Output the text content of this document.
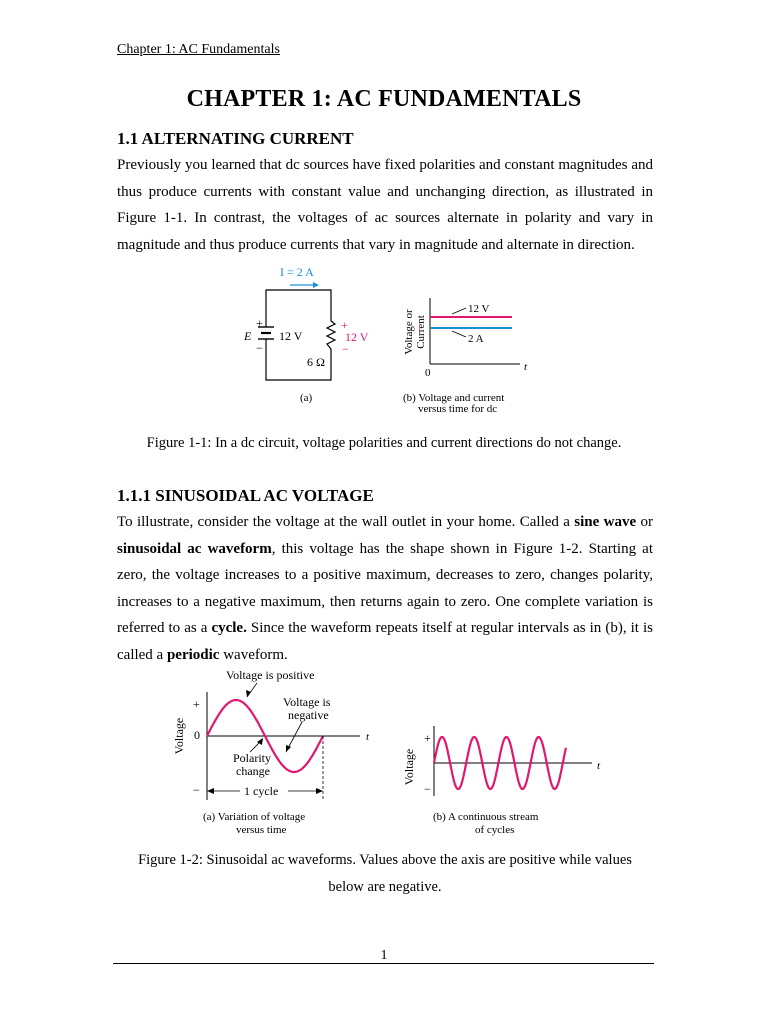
Chapter 1: AC Fundamentals
CHAPTER 1: AC FUNDAMENTALS
1.1 ALTERNATING CURRENT

Previously you learned that dc sources have fixed polarities and constant magnitudes and thus produce currents with constant value and unchanging direction, as illustrated in Figure 1-1. In contrast, the voltages of ac sources alternate in polarity and vary in magnitude and thus produce currents that vary in magnitude and alternate in direction.

I = 2 A
+
−
E 12 V
+
12 V
−
6 Ω
(a)
Voltage or Current
12 V
2 A
0	t
(b) Voltage and current
versus time for dc
Figure 1-1: In a dc circuit, voltage polarities and current directions do not change.
1.1.1 SINUSOIDAL AC VOLTAGE

To illustrate, consider the voltage at the wall outlet in your home. Called a sine wave or sinusoidal ac waveform, this voltage has the shape shown in Figure 1-2. Starting at zero, the voltage increases to a positive maximum, decreases to zero, changes polarity, increases to a negative maximum, then returns again to zero. One complete variation is referred to as a cycle. Since the waveform repeats itself at regular intervals as in (b), it is called a periodic waveform.

Voltage is positive
Voltage is
negative
Polarity
change
Voltage
+
0
−
t
1 cycle
(a) Variation of voltage
versus time
Voltage
+
−
t
(b) A continuous stream
of cycles
Figure 1-2: Sinusoidal ac waveforms. Values above the axis are positive while values
below are negative.
1
